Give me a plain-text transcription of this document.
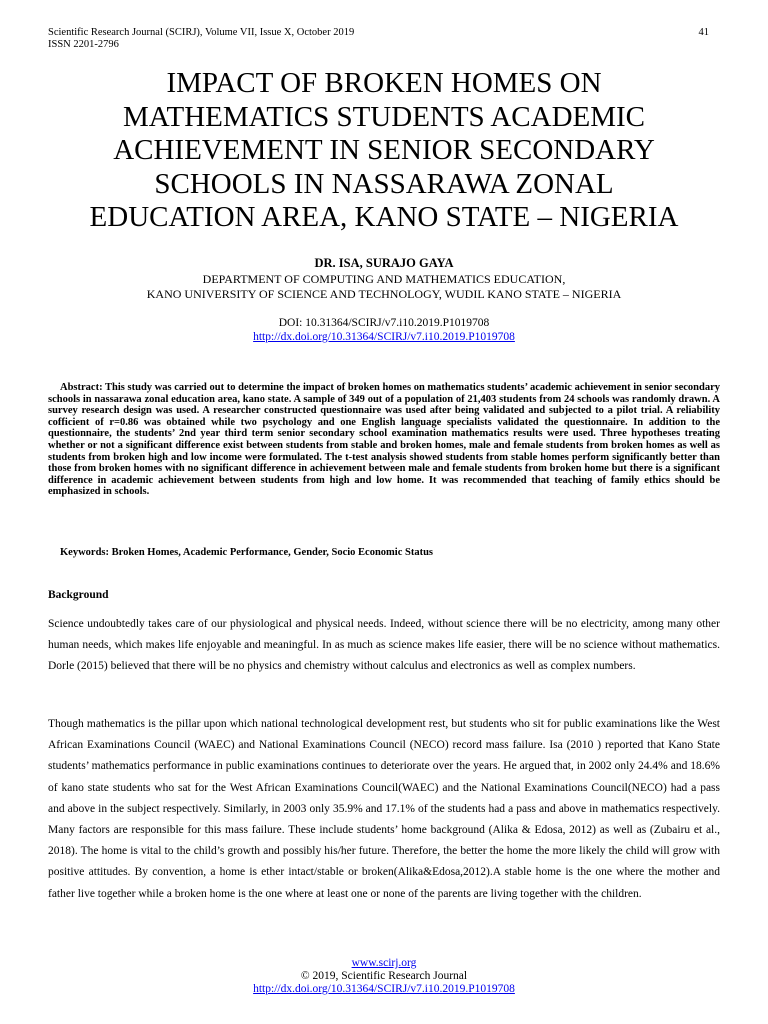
Scientific Research Journal (SCIRJ), Volume VII, Issue X, October 2019
ISSN 2201-2796
41
IMPACT OF BROKEN HOMES ON
MATHEMATICS STUDENTS ACADEMIC
ACHIEVEMENT IN SENIOR SECONDARY
SCHOOLS IN NASSARAWA ZONAL
EDUCATION AREA, KANO STATE – NIGERIA
DR. ISA, SURAJO GAYA
DEPARTMENT OF COMPUTING AND MATHEMATICS EDUCATION,
KANO UNIVERSITY OF SCIENCE AND TECHNOLOGY, WUDIL KANO STATE – NIGERIA
DOI: 10.31364/SCIRJ/v7.i10.2019.P1019708
http://dx.doi.org/10.31364/SCIRJ/v7.i10.2019.P1019708

Abstract: This study was carried out to determine the impact of broken homes on mathematics students’ academic achievement in senior secondary schools in nassarawa zonal education area, kano state. A sample of 349 out of a population of 21,403 students from 24 schools was randomly drawn. A survey research design was used. A researcher constructed questionnaire was used after being validated and subjected to a pilot trial. A reliability cofficient of r=0.86 was obtained while two psychology and one English language specialists validated the questionnaire. In addition to the questionnaire, the students’ 2nd year third term senior secondary school examination mathematics results were used. Three hypotheses treating whether or not a significant difference exist between students from stable and broken homes, male and female students from broken homes as well as students from broken high and low income were formulated. The t-test analysis showed students from stable homes perform significantly better than those from broken homes with no significant difference in achievement between male and female students from broken home but there is a significant difference in academic achievement between students from high and low home. It was recommended that teaching of family ethics should be emphasized in schools.

Keywords: Broken Homes, Academic Performance, Gender, Socio Economic Status
Background

Science undoubtedly takes care of our physiological and physical needs. Indeed, without science there will be no electricity, among many other human needs, which makes life enjoyable and meaningful. In as much as science makes life easier, there will be no science without mathematics. Dorle (2015) believed that there will be no physics and chemistry without calculus and electronics as well as complex numbers.

Though mathematics is the pillar upon which national technological development rest, but students who sit for public examinations like the West African Examinations Council (WAEC) and National Examinations Council (NECO) record mass failure. Isa (2010 ) reported that Kano State students’ mathematics performance in public examinations continues to deteriorate over the years. He argued that, in 2002 only 24.4% and 18.6% of kano state students who sat for the West African Examinations Council(WAEC) and the National Examinations Council(NECO) had a pass and above in the subject respectively. Similarly, in 2003 only 35.9% and 17.1% of the students had a pass and above in mathematics respectively. Many factors are responsible for this mass failure. These include students’ home background (Alika & Edosa, 2012) as well as (Zubairu et al., 2018). The home is vital to the child’s growth and possibly his/her future. Therefore, the better the home the more likely the child will grow with positive attitudes. By convention, a home is ether intact/stable or broken(Alika&Edosa,2012).A stable home is the one where the mother and father live together while a broken home is the one where at least one or none of the parents are living together with the children.

www.scirj.org
© 2019, Scientific Research Journal
http://dx.doi.org/10.31364/SCIRJ/v7.i10.2019.P1019708
